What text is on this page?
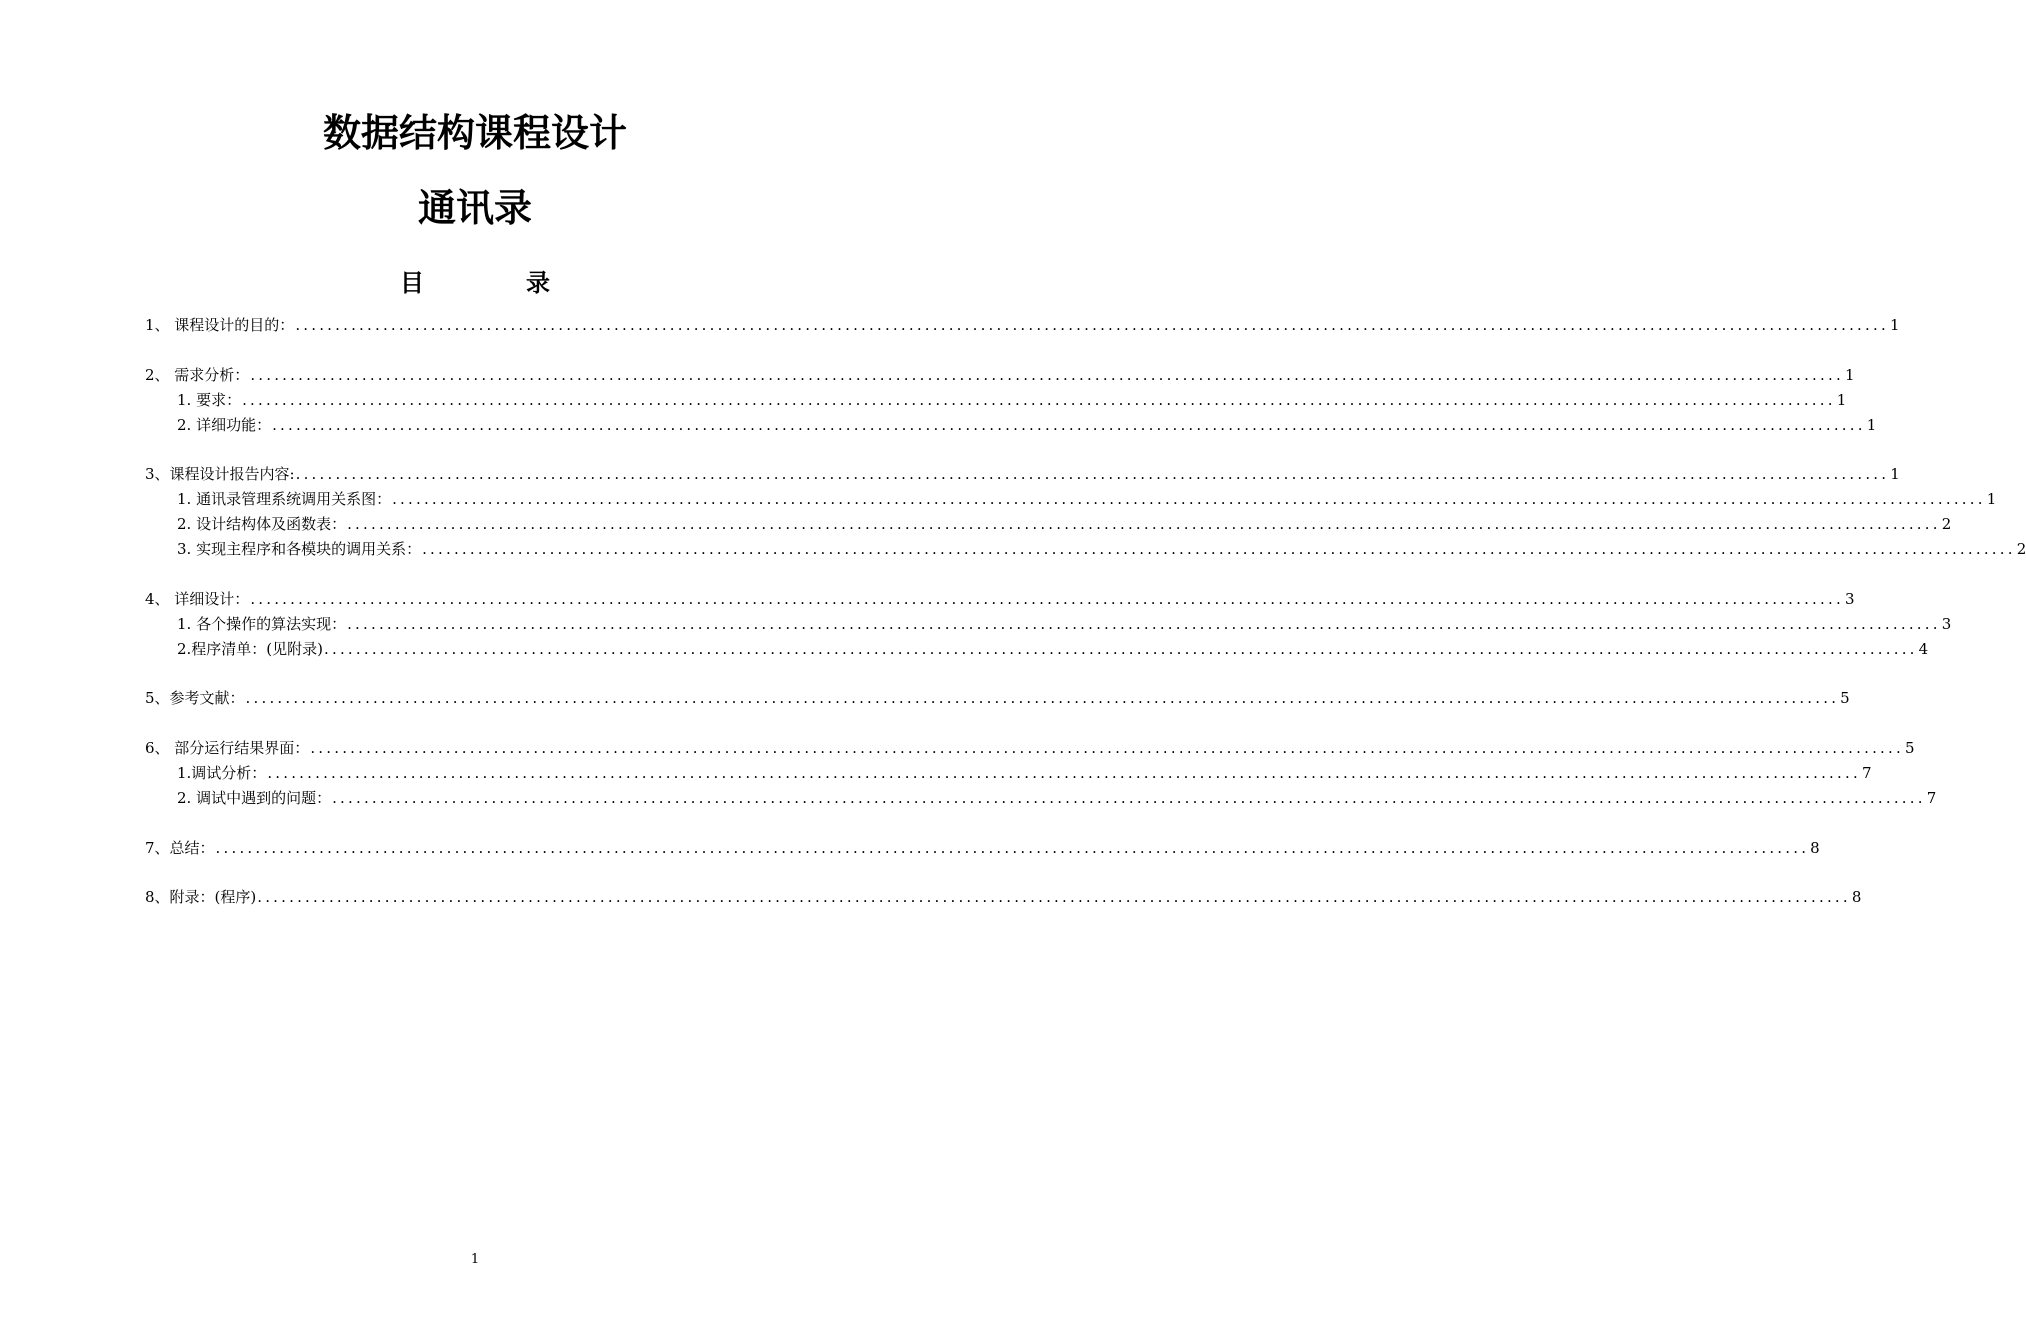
数据结构课程设计
通讯录
目	录
1、 课程设计的目的： ........................................................................................................................................................................................................ 1
2、 需求分析： ........................................................................................................................................................................................................ 1
1. 要求： ........................................................................................................................................................................................................ 1
2. 详细功能： ........................................................................................................................................................................................................ 1
3、课程设计报告内容: ........................................................................................................................................................................................................ 1
1. 通讯录管理系统调用关系图： ........................................................................................................................................................................................................ 1
2. 设计结构体及函数表： ........................................................................................................................................................................................................ 2
3. 实现主程序和各模块的调用关系： ........................................................................................................................................................................................................ 2
4、 详细设计： ........................................................................................................................................................................................................ 3
1. 各个操作的算法实现： ........................................................................................................................................................................................................ 3
2.程序清单：(见附录) ........................................................................................................................................................................................................ 4
5、参考文献： ........................................................................................................................................................................................................ 5
6、 部分运行结果界面： ........................................................................................................................................................................................................ 5
1.调试分析： ........................................................................................................................................................................................................ 7
2. 调试中遇到的问题： ........................................................................................................................................................................................................ 7
7、总结： ........................................................................................................................................................................................................ 8
8、附录：(程序) ........................................................................................................................................................................................................ 8
1
